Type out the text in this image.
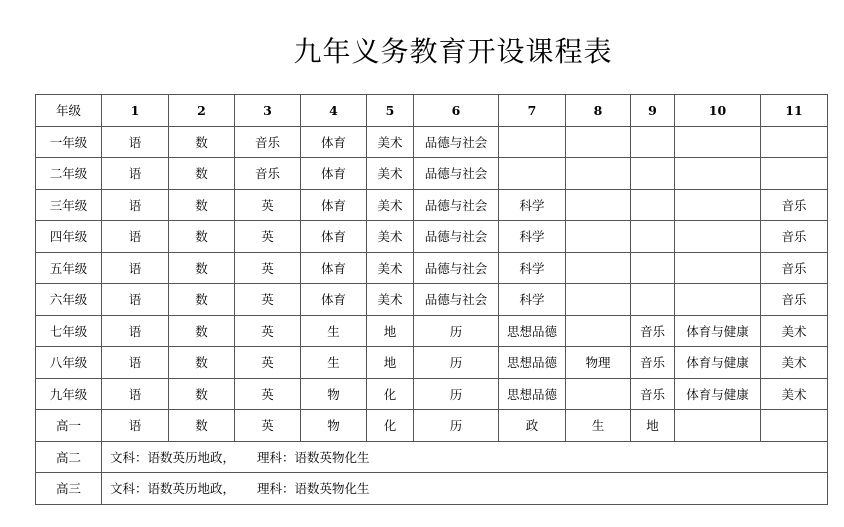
九年义务教育开设课程表
年级	1	2	3	4	5	6	7	8	9	10	11
一年级	语	数	音乐	体育	美术	品德与社会					
二年级	语	数	音乐	体育	美术	品德与社会					
三年级	语	数	英	体育	美术	品德与社会	科学				音乐
四年级	语	数	英	体育	美术	品德与社会	科学				音乐
五年级	语	数	英	体育	美术	品德与社会	科学				音乐
六年级	语	数	英	体育	美术	品德与社会	科学				音乐
七年级	语	数	英	生	地	历	思想品德		音乐	体育与健康	美术
八年级	语	数	英	生	地	历	思想品德	物理	音乐	体育与健康	美术
九年级	语	数	英	物	化	历	思想品德		音乐	体育与健康	美术
高一	语	数	英	物	化	历	政	生	地		
高二	文科：语数英历地政， 理科：语数英物化生										
高三	文科：语数英历地政， 理科：语数英物化生										
